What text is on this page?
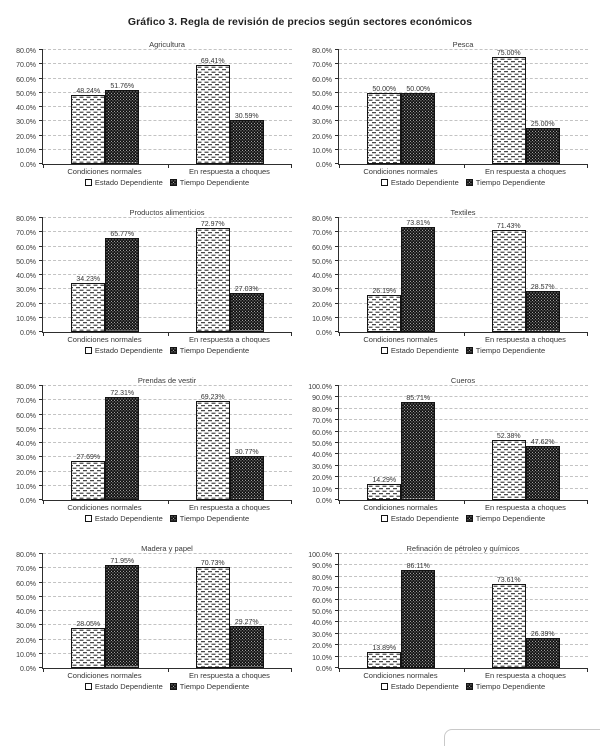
Gráfico 3. Regla de revisión de precios según sectores económicos
Agricultura
0.0%
10.0%
20.0%
30.0%
40.0%
50.0%
60.0%
70.0%
80.0%
48.24%
51.76%
69.41%
30.59%
Condiciones normales	En respuesta a choques
Estado Dependiente Tiempo Dependiente
Pesca
0.0%
10.0%
20.0%
30.0%
40.0%
50.0%
60.0%
70.0%
80.0%
50.00% 50.00%
75.00%
25.00%
Condiciones normales	En respuesta a choques
Estado Dependiente Tiempo Dependiente
Productos alimenticios
0.0%
10.0%
20.0%
30.0%
40.0%
50.0%
60.0%
70.0%
80.0%
34.23%
65.77%
72.97%
27.03%
Condiciones normales	En respuesta a choques
Estado Dependiente Tiempo Dependiente
Textiles
0.0%
10.0%
20.0%
30.0%
40.0%
50.0%
60.0%
70.0%
80.0%
26.19%
73.81%	71.43%
28.57%
Condiciones normales	En respuesta a choques
Estado Dependiente Tiempo Dependiente
Prendas de vestir
0.0%
10.0%
20.0%
30.0%
40.0%
50.0%
60.0%
70.0%
80.0%
27.69%
72.31%
69.23%
30.77%
Condiciones normales	En respuesta a choques
Estado Dependiente Tiempo Dependiente
Cueros
0.0%
10.0%
20.0%
30.0%
40.0%
50.0%
60.0%
70.0%
80.0%
90.0%
100.0%
14.29%
85.71%
52.38%
47.62%
Condiciones normales	En respuesta a choques
Estado Dependiente Tiempo Dependiente
Madera y papel
0.0%
10.0%
20.0%
30.0%
40.0%
50.0%
60.0%
70.0%
80.0%
28.05%
71.95%	70.73%
29.27%
Condiciones normales	En respuesta a choques
Estado Dependiente Tiempo Dependiente
Refinación de pétroleo y químicos
0.0%
10.0%
20.0%
30.0%
40.0%
50.0%
60.0%
70.0%
80.0%
90.0%
100.0%
13.89%
86.11%
73.61%
26.39%
Condiciones normales	En respuesta a choques
Estado Dependiente Tiempo Dependiente
